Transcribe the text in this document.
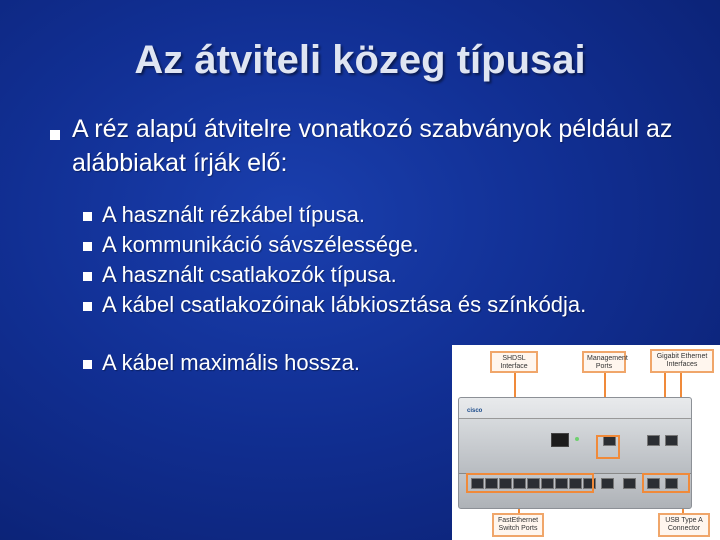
Az átviteli közeg típusai
A réz alapú átvitelre vonatkozó szabványok például az alábbiakat írják elő:
A használt rézkábel típusa.
A kommunikáció sávszélessége.
A használt csatlakozók típusa.
A kábel csatlakozóinak lábkiosztása és színkódja.
A kábel maximális hossza.	SHDSL Interface
Management Ports
Gigabit Ethernet Interfaces
FastEthernet Switch Ports
USB Type A Connector
cisco
